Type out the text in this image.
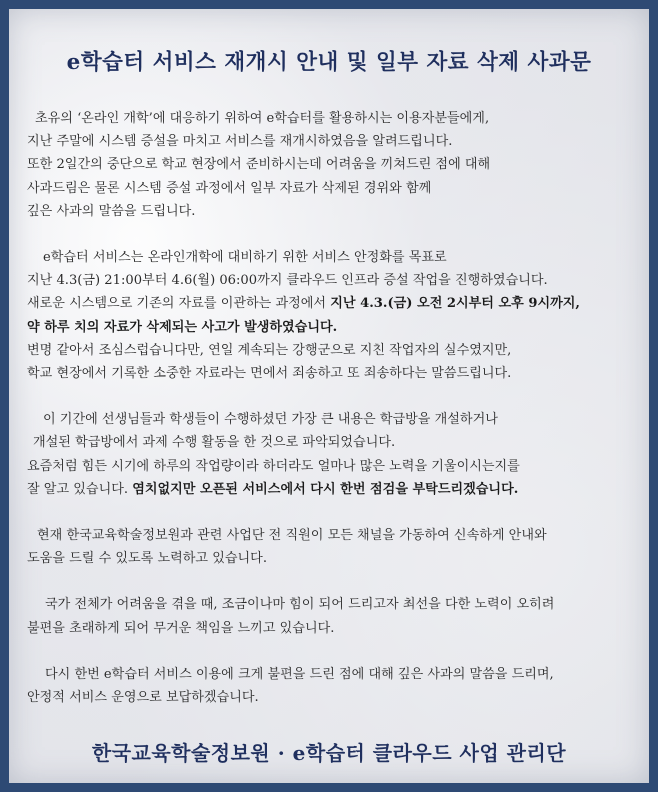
e학습터 서비스 재개시 안내 및 일부 자료 삭제 사과문
초유의 ‘온라인 개학’에 대응하기 위하여 e학습터를 활용하시는 이용자분들에게,
지난 주말에 시스템 증설을 마치고 서비스를 재개시하였음을 알려드립니다.
또한 2일간의 중단으로 학교 현장에서 준비하시는데 어려움을 끼쳐드린 점에 대해
사과드림은 물론 시스템 증설 과정에서 일부 자료가 삭제된 경위와 함께
깊은 사과의 말씀을 드립니다.
e학습터 서비스는 온라인개학에 대비하기 위한 서비스 안정화를 목표로
지난 4.3(금) 21:00부터 4.6(월) 06:00까지 클라우드 인프라 증설 작업을 진행하였습니다.
새로운 시스템으로 기존의 자료를 이관하는 과정에서 지난 4.3.(금) 오전 2시부터 오후 9시까지,
약 하루 치의 자료가 삭제되는 사고가 발생하였습니다.
변명 같아서 조심스럽습니다만, 연일 계속되는 강행군으로 지친 작업자의 실수였지만,
학교 현장에서 기록한 소중한 자료라는 면에서 죄송하고 또 죄송하다는 말씀드립니다.
이 기간에 선생님들과 학생들이 수행하셨던 가장 큰 내용은 학급방을 개설하거나
개설된 학급방에서 과제 수행 활동을 한 것으로 파악되었습니다.
요즘처럼 힘든 시기에 하루의 작업량이라 하더라도 얼마나 많은 노력을 기울이시는지를
잘 알고 있습니다. 염치없지만 오픈된 서비스에서 다시 한번 점검을 부탁드리겠습니다.
현재 한국교육학술정보원과 관련 사업단 전 직원이 모든 채널을 가동하여 신속하게 안내와
도움을 드릴 수 있도록 노력하고 있습니다.
국가 전체가 어려움을 겪을 때, 조금이나마 힘이 되어 드리고자 최선을 다한 노력이 오히려
불편을 초래하게 되어 무거운 책임을 느끼고 있습니다.
다시 한번 e학습터 서비스 이용에 크게 불편을 드린 점에 대해 깊은 사과의 말씀을 드리며,
안정적 서비스 운영으로 보답하겠습니다.
한국교육학술정보원 · e학습터 클라우드 사업 관리단
